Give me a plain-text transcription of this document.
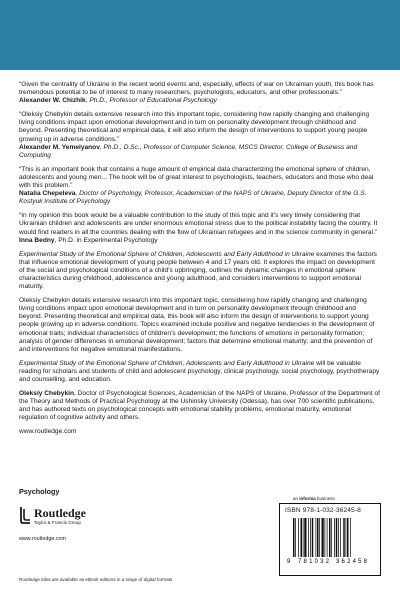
“Given the centrality of Ukraine in the recent world events and, especially, effects of war on Ukrainian youth, this book has tremendous potential to be of interest to many researchers, psychologists, educators, and other professionals.”
Alexander W. Chizhik, Ph.D., Professor of Educational Psychology
“Oleksiy Chebykin details extensive research into this important topic, considering how rapidly changing and challenging living conditions impact upon emotional development and in turn on personality development through childhood and beyond. Presenting theoretical and empirical data, it will also inform the design of interventions to support young people growing up in adverse conditions.”
Alexander M. Yemelyanov, Ph.D., D.Sc., Professor of Computer Science, MSCS Director, College of Business and Computing
“This is an important book that contains a huge amount of empirical data characterizing the emotional sphere of children, adolescents and young men... The book will be of great interest to psychologists, teachers, educators and those who deal with this problem.”
Natalia Chepeleva, Doctor of Psychology, Professor, Academician of the NAPS of Ukraine, Deputy Director of the G.S. Kostyuk Institute of Psychology
“In my opinion this book would be a valuable contribution to the study of this topic and it’s very timely considering that Ukrainian children and adolescents are under enormous emotional stress due to the political instability facing the country. It would find readers in all the countries dealing with the flow of Ukrainian refugees and in the science community in general.”
Inna Bedny, Ph.D. in Experimental Psychology

Experimental Study of the Emotional Sphere of Children, Adolescents and Early Adulthood in Ukraine examines the factors that influence emotional development of young people between 4 and 17 years old. It explores the impact on development of the social and psychological conditions of a child’s upbringing, outlines the dynamic changes in emotional sphere characteristics during childhood, adolescence and young adulthood, and considers interventions to support emotional maturity.

Oleksiy Chebykin details extensive research into this important topic, considering how rapidly changing and challenging living conditions impact upon emotional development and in turn on personality development through childhood and beyond. Presenting theoretical and empirical data, this book will also inform the design of interventions to support young people growing up in adverse conditions. Topics examined include positive and negative tendencies in the development of emotional traits; individual characteristics of children’s development; the functions of emotions in personality formation; analysis of gender differences in emotional development; factors that determine emotional maturity; and the prevention of and interventions for negative emotional manifestations.

Experimental Study of the Emotional Sphere of Children, Adolescents and Early Adulthood in Ukraine will be valuable reading for scholars and students of child and adolescent psychology, clinical psychology, social psychology, psychotherapy and counselling, and education.

Oleksiy Chebykin, Doctor of Psychological Sciences, Academician of the NAPS of Ukraine, Professor of the Department of the Theory and Methods of Practical Psychology at the Ushinsky University (Odessa), has over 700 scientific publications, and has authored texts on psychological concepts with emotional stability problems, emotional maturity, emotional regulation of cognitive activity and others.

www.routledge.com

Psychology
Routledge
Taylor & Francis Group
www.routledge.com
Routledge titles are available as eBook editions in a range of digital formats
an informa business
ISBN 978-1-032-36245-8
9 781032 362458
